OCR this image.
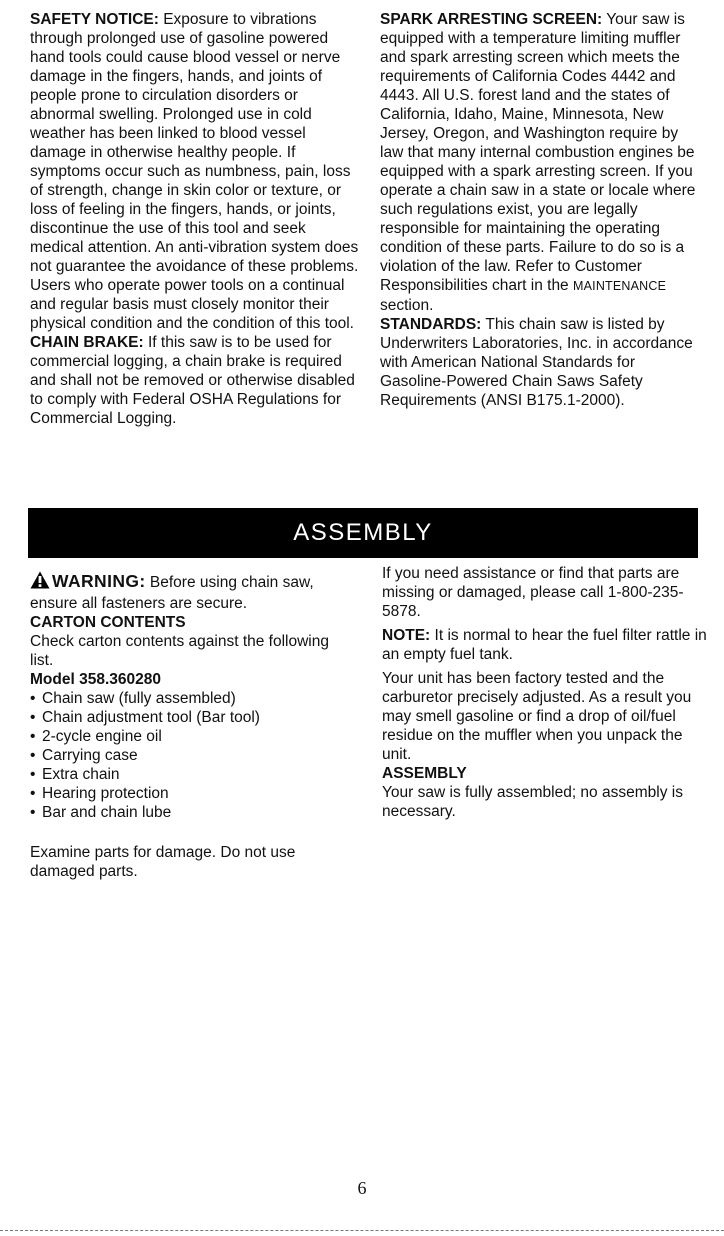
SAFETY NOTICE: Exposure to vibrations through prolonged use of gasoline powered hand tools could cause blood vessel or nerve damage in the fingers, hands, and joints of people prone to circulation disorders or abnormal swelling. Prolonged use in cold weather has been linked to blood vessel damage in otherwise healthy people. If symptoms occur such as numbness, pain, loss of strength, change in skin color or texture, or loss of feeling in the fingers, hands, or joints, discontinue the use of this tool and seek medical attention. An anti-vibration system does not guarantee the avoidance of these problems. Users who operate power tools on a continual and regular basis must closely monitor their physical condition and the condition of this tool.

CHAIN BRAKE: If this saw is to be used for commercial logging, a chain brake is required and shall not be removed or otherwise disabled to comply with Federal OSHA Regulations for Commercial Logging.

SPARK ARRESTING SCREEN: Your saw is equipped with a temperature limiting muffler and spark arresting screen which meets the requirements of California Codes 4442 and 4443. All U.S. forest land and the states of California, Idaho, Maine, Minnesota, New Jersey, Oregon, and Washington require by law that many internal combustion engines be equipped with a spark arresting screen. If you operate a chain saw in a state or locale where such regulations exist, you are legally responsible for maintaining the operating condition of these parts. Failure to do so is a violation of the law. Refer to Customer Responsibilities chart in the MAINTENANCE section.

STANDARDS: This chain saw is listed by Underwriters Laboratories, Inc. in accordance with American National Standards for Gasoline-Powered Chain Saws Safety Requirements (ANSI B175.1-2000).

ASSEMBLY

WARNING: Before using chain saw, ensure all fasteners are secure.

CARTON CONTENTS

Check carton contents against the following list.

Model 358.360280

• Chain saw (fully assembled)
• Chain adjustment tool (Bar tool)
• 2-cycle engine oil
• Carrying case
• Extra chain
• Hearing protection
• Bar and chain lube

Examine parts for damage. Do not use damaged parts.

If you need assistance or find that parts are missing or damaged, please call 1-800-235-5878.

NOTE: It is normal to hear the fuel filter rattle in an empty fuel tank.

Your unit has been factory tested and the carburetor precisely adjusted. As a result you may smell gasoline or find a drop of oil/fuel residue on the muffler when you unpack the unit.

ASSEMBLY

Your saw is fully assembled; no assembly is necessary.

6
